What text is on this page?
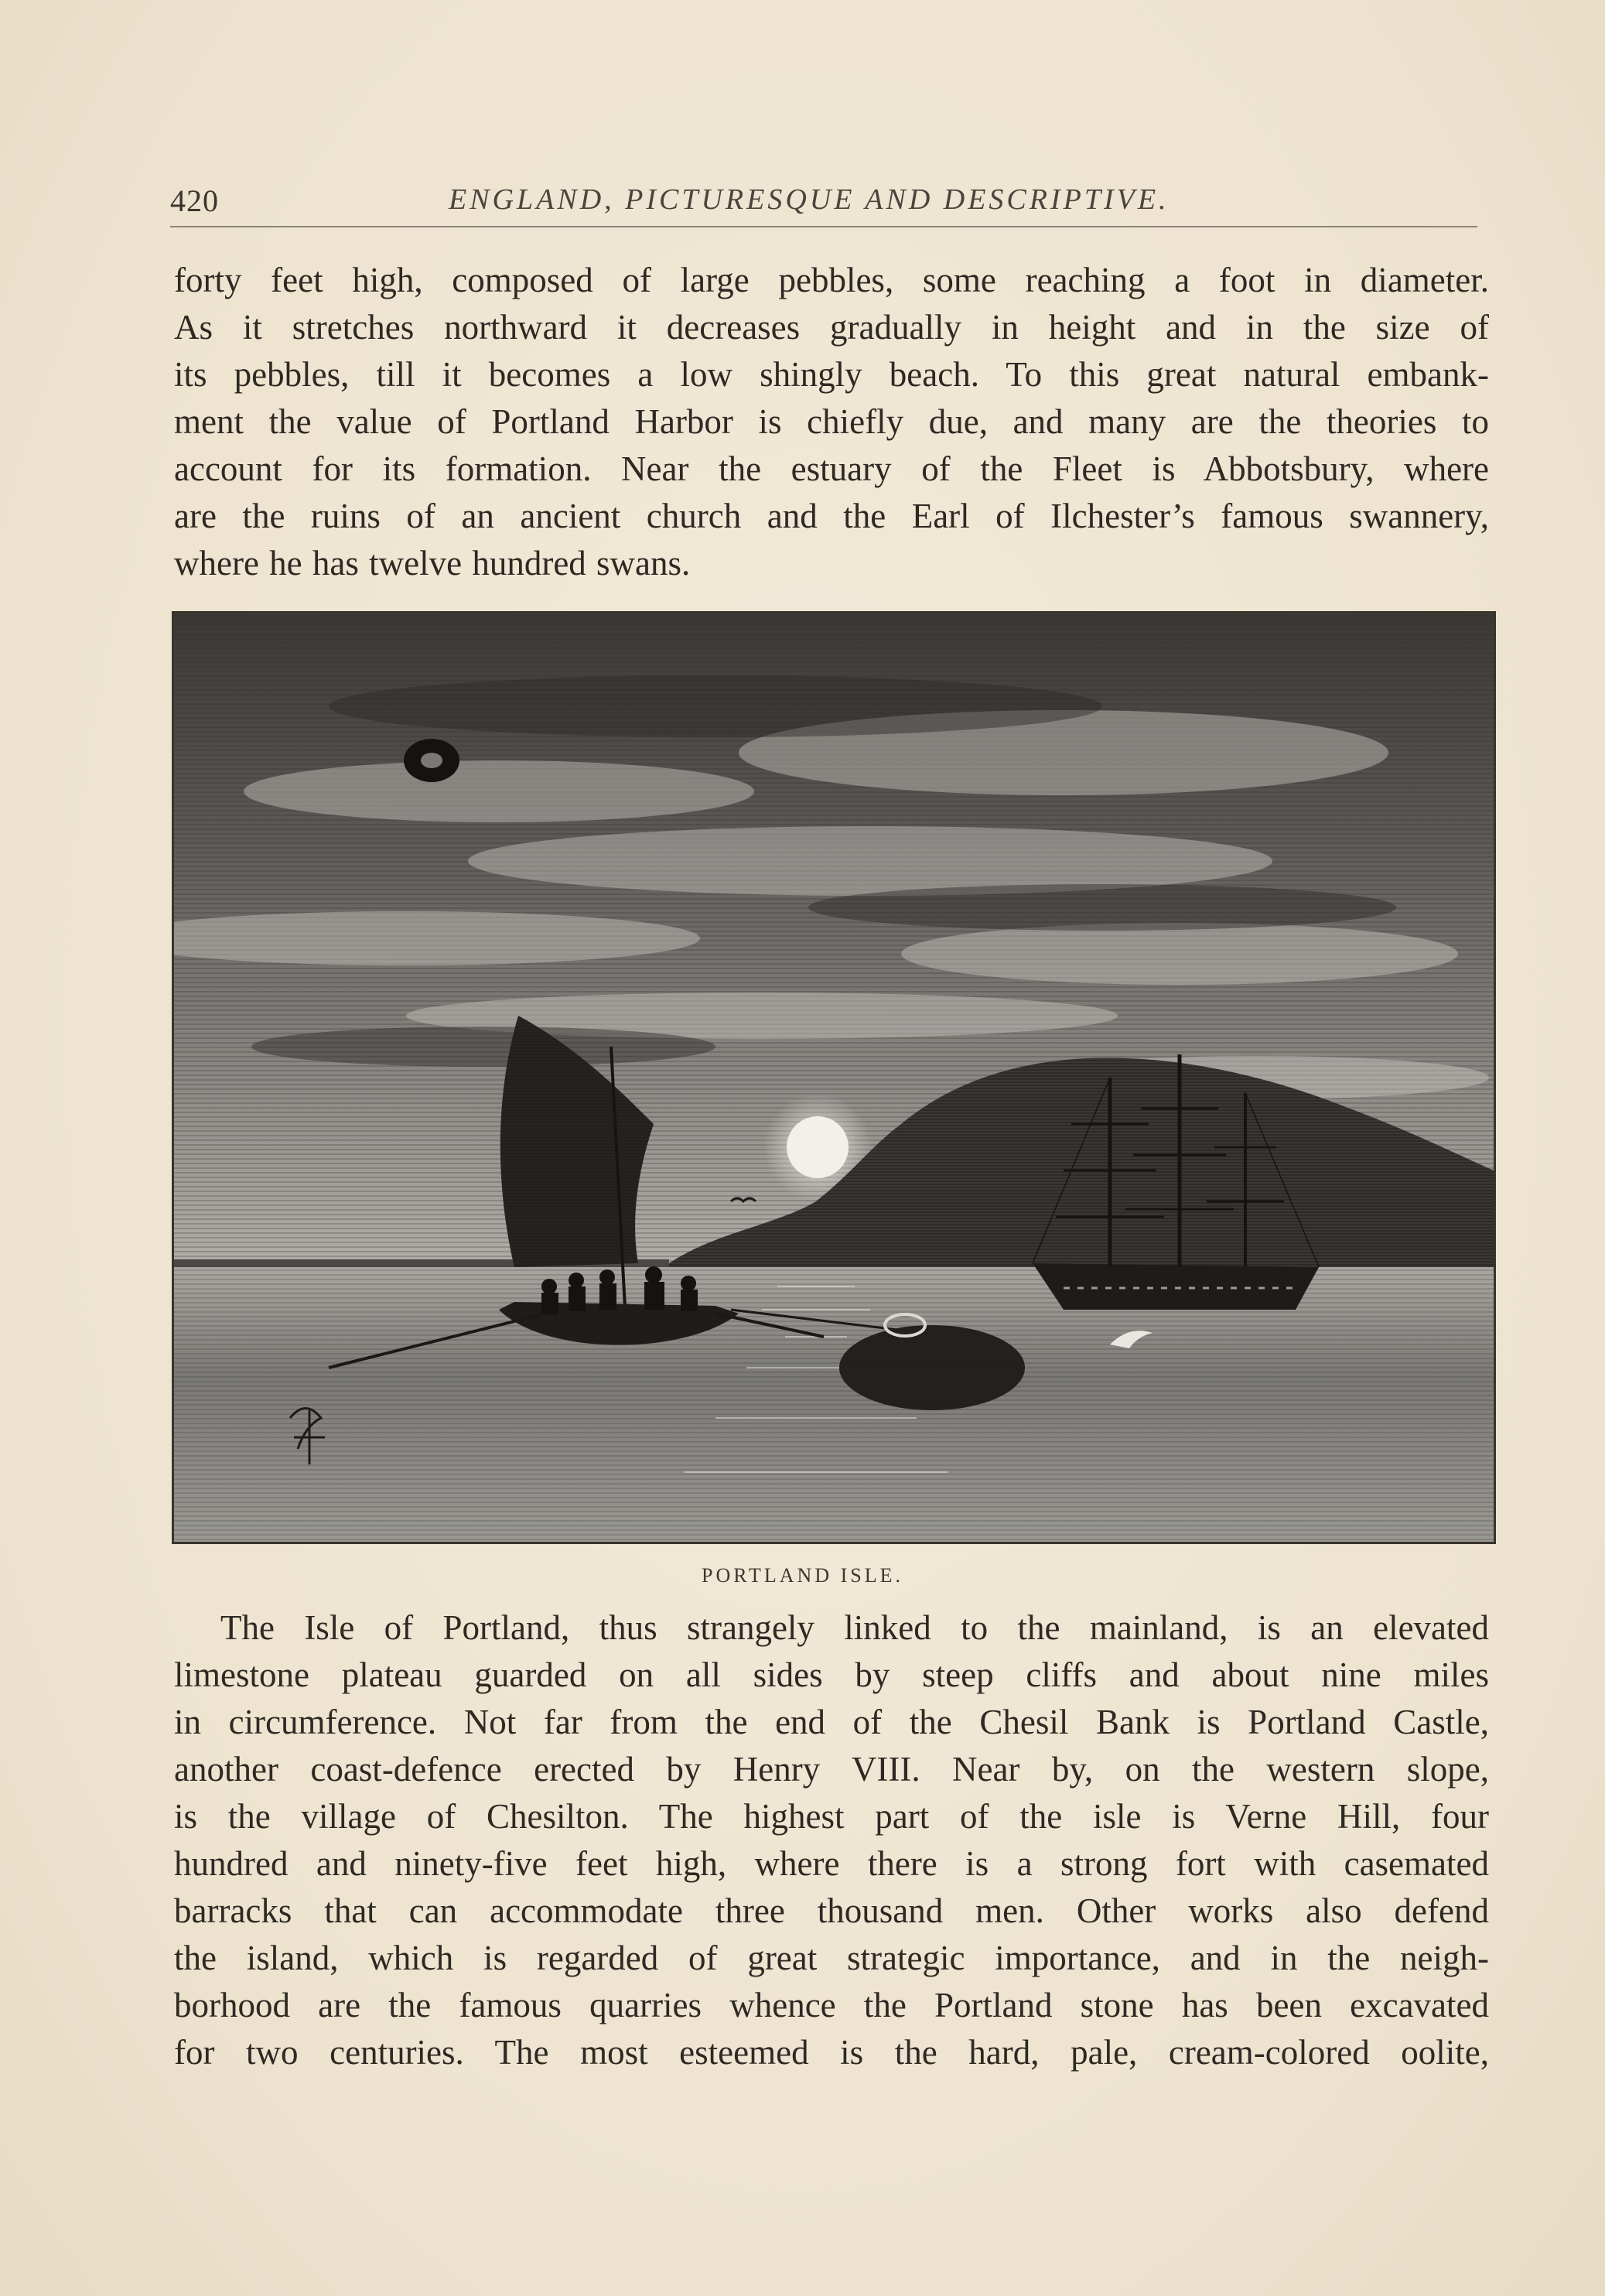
420	ENGLAND, PICTURESQUE AND DESCRIPTIVE.
forty feet high, composed of large pebbles, some reaching a foot in diameter.
As it stretches northward it decreases gradually in height and in the size of
its pebbles, till it becomes a low shingly beach. To this great natural embank-
ment the value of Portland Harbor is chiefly due, and many are the theories to
account for its formation. Near the estuary of the Fleet is Abbotsbury, where
are the ruins of an ancient church and the Earl of Ilchester’s famous swannery,
where he has twelve hundred swans.
PORTLAND ISLE.
The Isle of Portland, thus strangely linked to the mainland, is an elevated
limestone plateau guarded on all sides by steep cliffs and about nine miles
in circumference. Not far from the end of the Chesil Bank is Portland Castle,
another coast-defence erected by Henry VIII. Near by, on the western slope,
is the village of Chesilton. The highest part of the isle is Verne Hill, four
hundred and ninety-five feet high, where there is a strong fort with casemated
barracks that can accommodate three thousand men. Other works also defend
the island, which is regarded of great strategic importance, and in the neigh-
borhood are the famous quarries whence the Portland stone has been excavated
for two centuries. The most esteemed is the hard, pale, cream-colored oolite,
